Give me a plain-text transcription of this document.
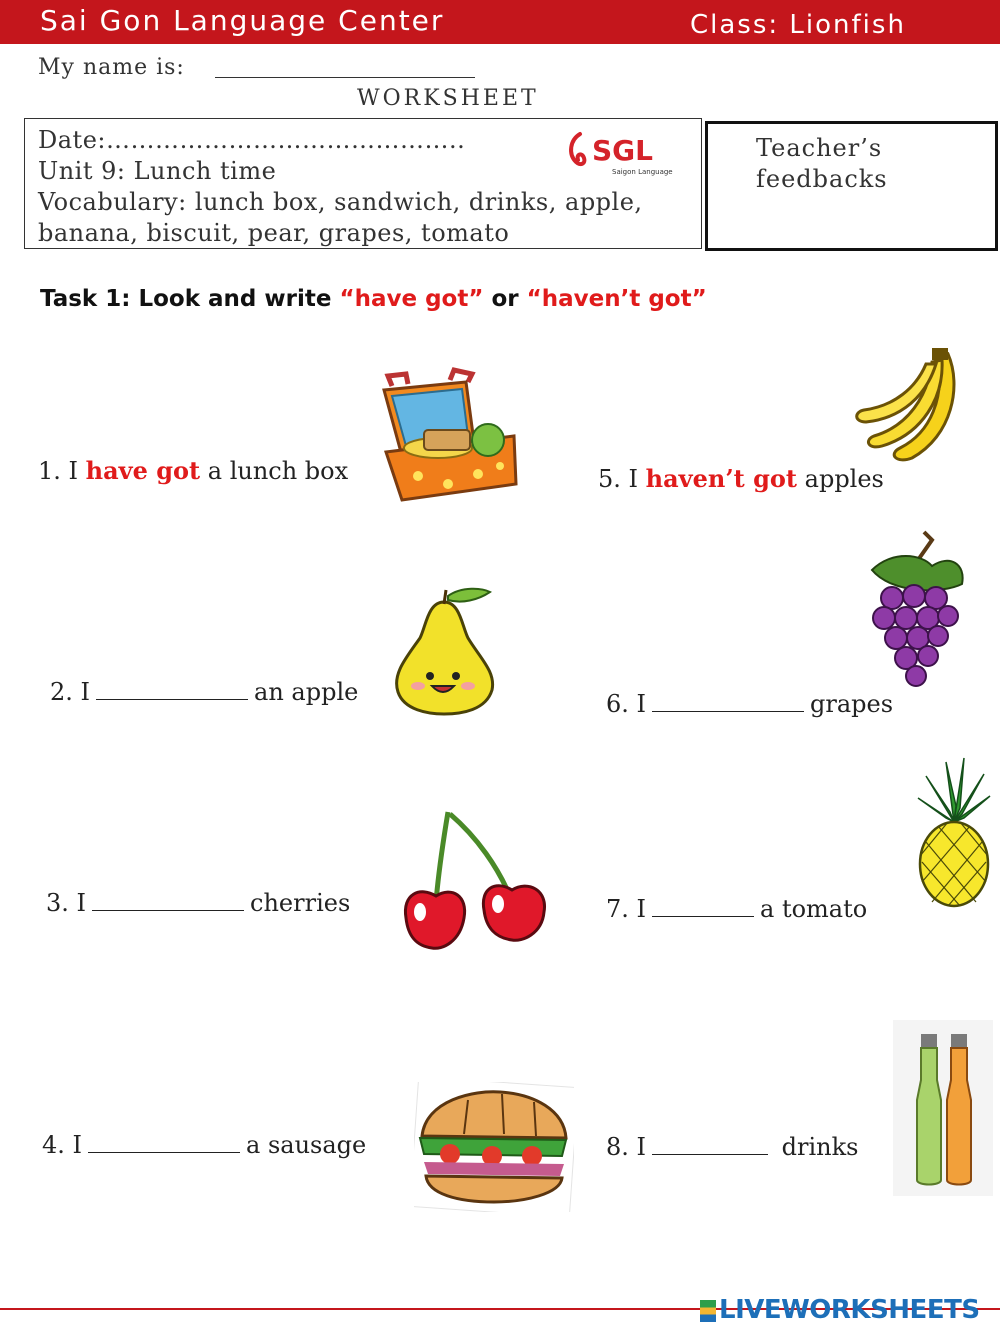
Sai Gon Language Center	Class: Lionfish
My name is:
WORKSHEET
Date:……………………………………..
Unit 9: Lunch time
Vocabulary: lunch box, sandwich, drinks, apple,
banana, biscuit, pear, grapes, tomato
SGL
Saigon Language
Teacher’s
feedbacks
Task 1: Look and write “have got” or “haven’t got”
1. I have got a lunch box
2. I	an apple
3. I	cherries
4. I	a sausage
5. I haven’t got apples
6. I	grapes
7. I	a tomato
8. I	drinks
LIVEWORKSHEETS
